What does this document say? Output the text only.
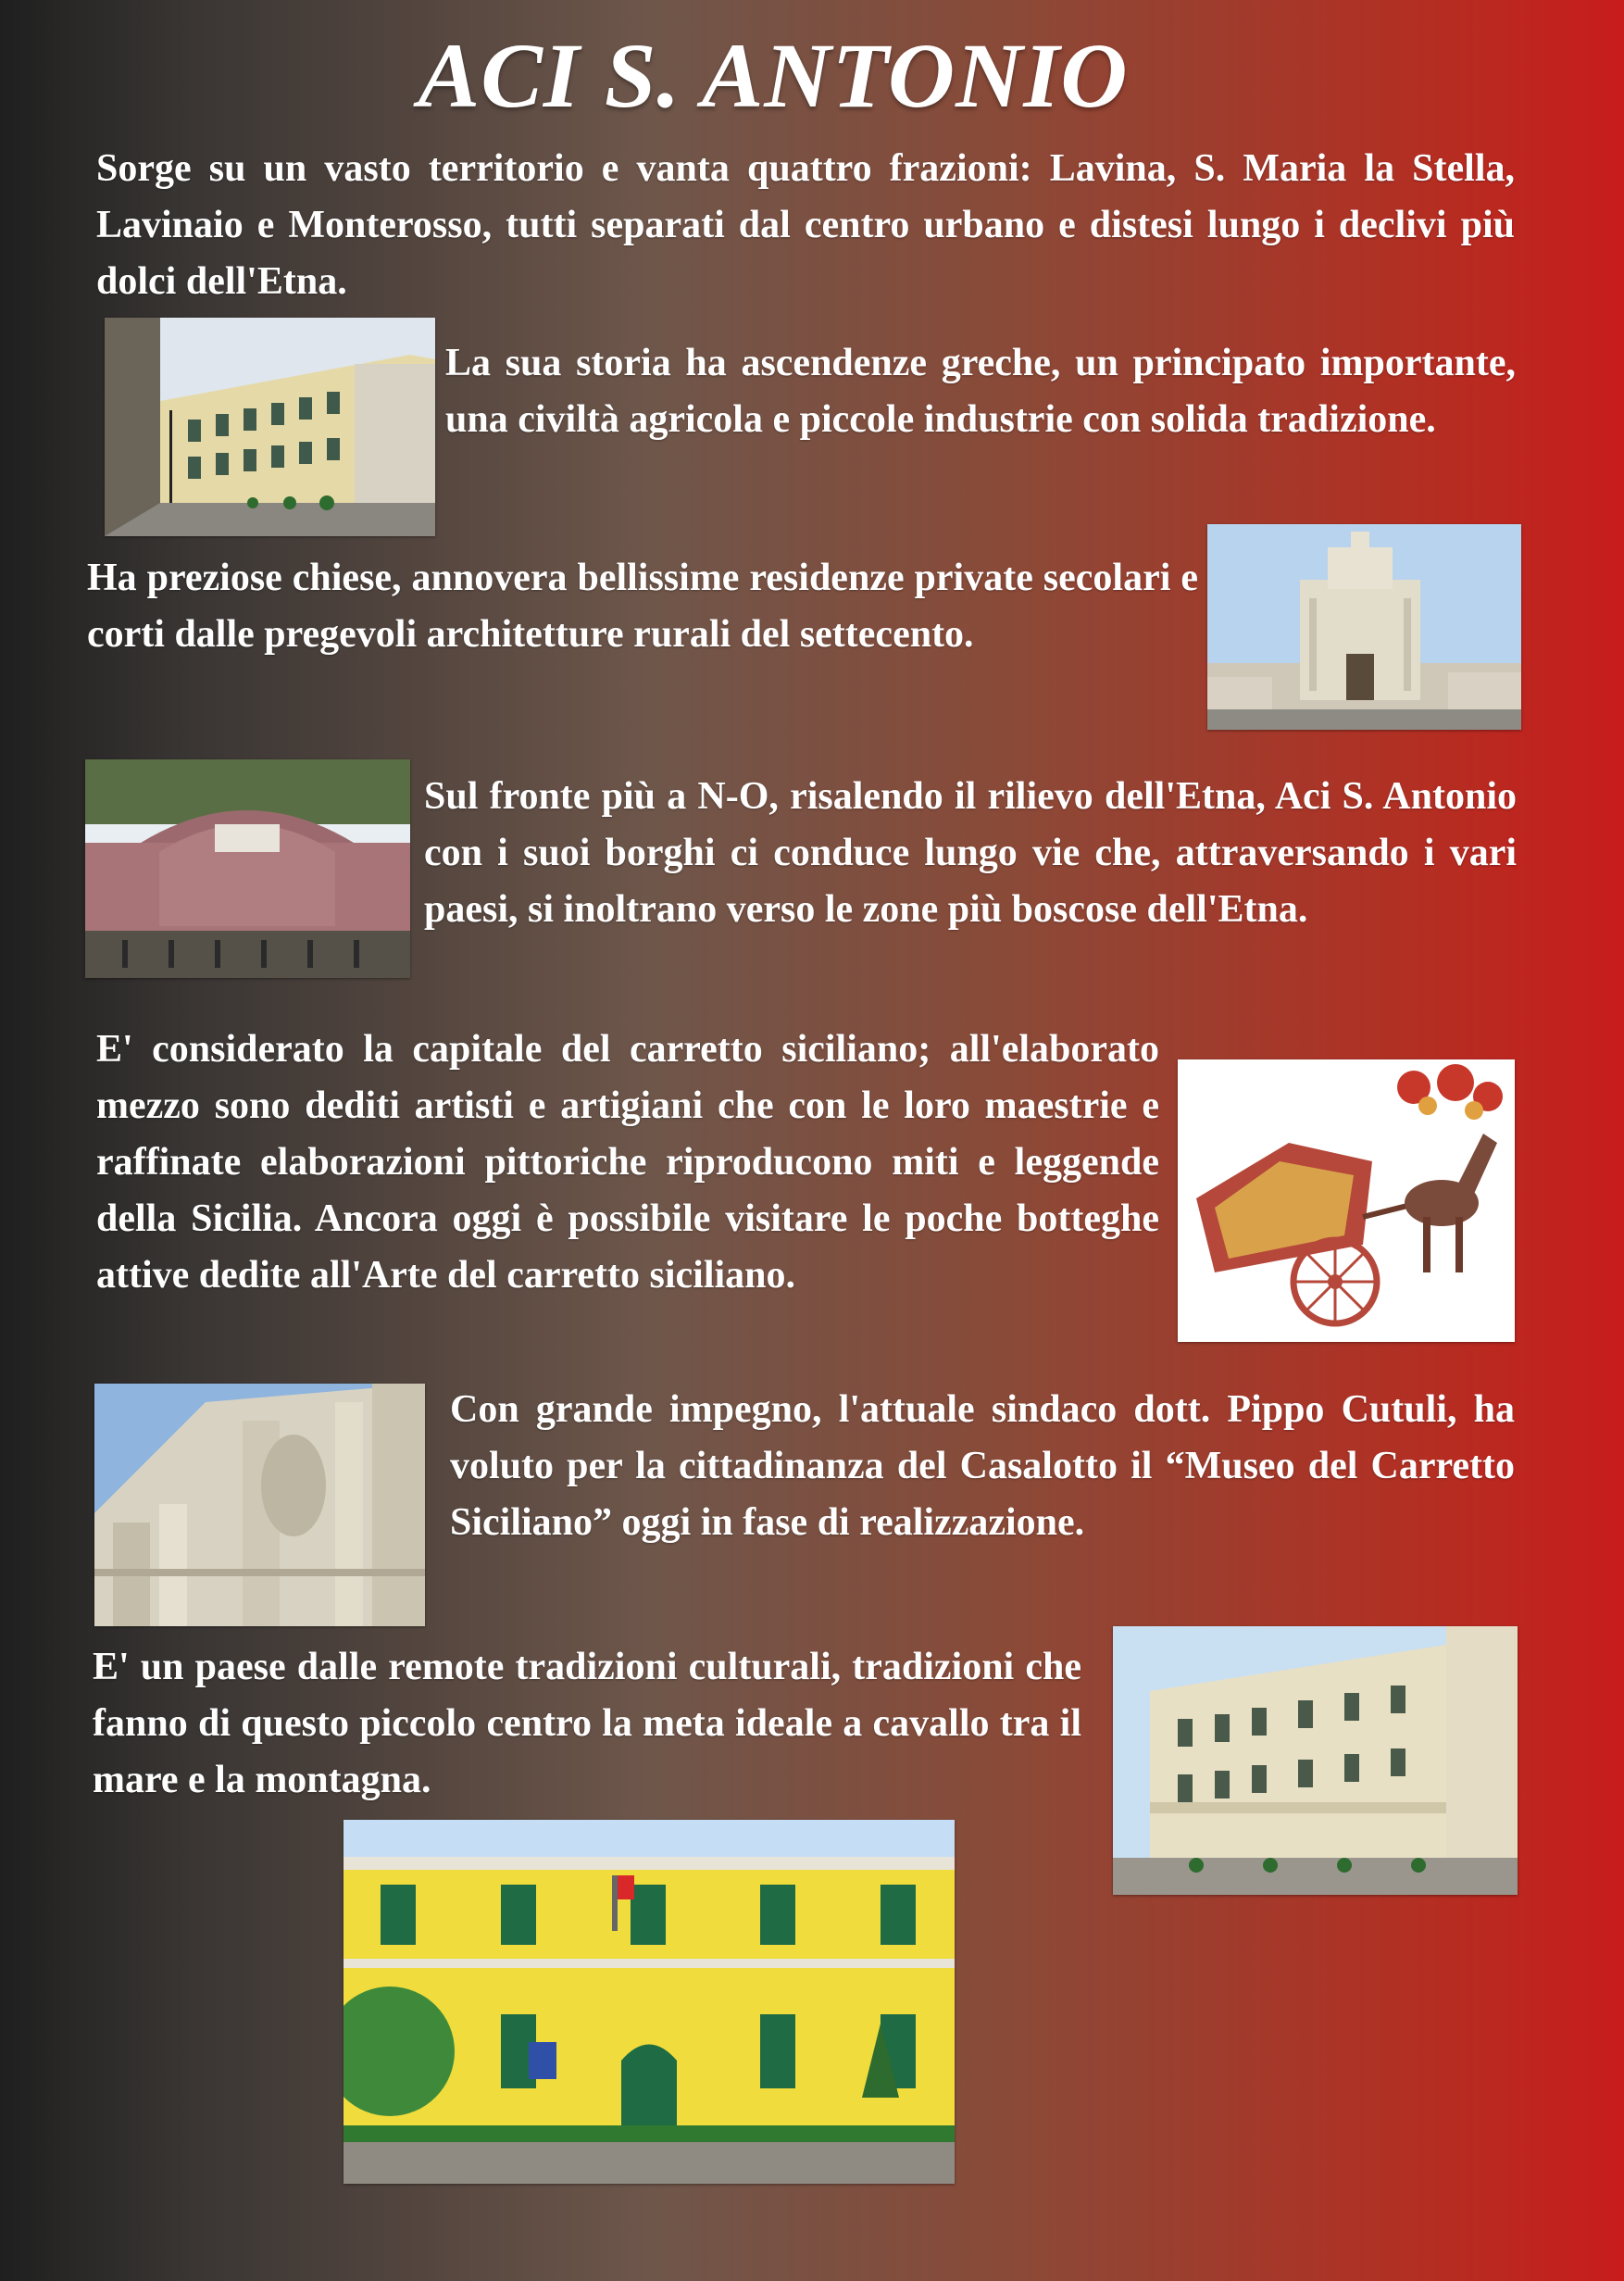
ACI S. ANTONIO
Sorge su un vasto territorio e vanta quattro frazioni: Lavina, S. Maria la Stella, Lavinaio e Monterosso, tutti separati dal centro urbano e distesi lungo i declivi più dolci dell'Etna.
La sua storia ha ascendenze greche, un principato importante, una civiltà agricola e piccole industrie con solida tradizione.
Ha preziose chiese, annovera bellissime residenze private secolari e corti dalle pregevoli architetture rurali del settecento.
Sul fronte più a N-O, risalendo il rilievo dell'Etna, Aci S. Antonio con i suoi borghi ci conduce lungo vie che, attraversando i vari paesi, si inoltrano verso le zone più boscose dell'Etna.
E' considerato la capitale del carretto siciliano; all'elaborato mezzo sono dediti artisti e artigiani che con le loro maestrie e raffinate elaborazioni pittoriche riproducono miti e leggende della Sicilia. Ancora oggi è possibile visitare le poche botteghe attive dedite all'Arte del carretto siciliano.
Con grande impegno, l'attuale sindaco dott. Pippo Cutuli, ha voluto per la cittadinanza del Casalotto il “Museo del Carretto Siciliano” oggi in fase di realizzazione.
E' un paese dalle remote tradizioni culturali, tradizioni che fanno di questo piccolo centro la meta ideale a cavallo tra il mare e la montagna.
